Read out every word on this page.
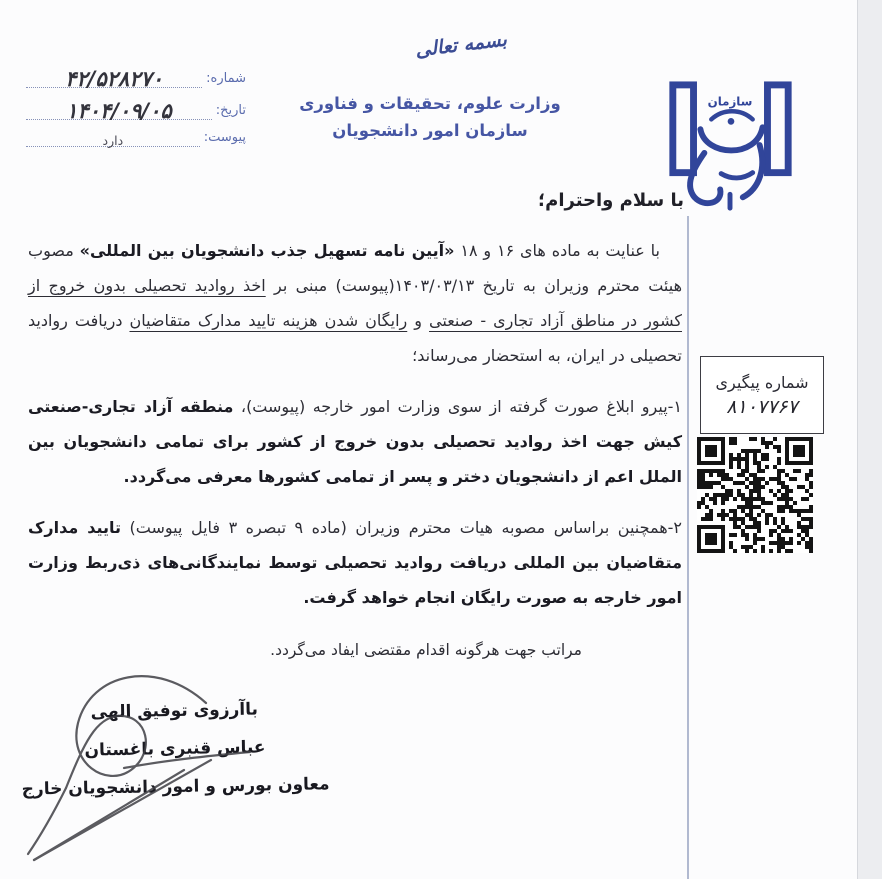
بسمه تعالی
وزارت علوم، تحقیقات و فناوری
سازمان امور دانشجویان
شماره:
۴۲/۵۲۸۲۷۰
تاریخ:
۱۴۰۴/۰۹/۰۵
پیوست:
دارد
سازمان
با سلام واحترام؛

با عنایت به ماده های ۱۶ و ۱۸ «آیین نامه تسهیل جذب دانشجویان بین المللی» مصوب هیئت محترم وزیران به تاریخ ۱۴۰۳/۰۳/۱۳(پیوست) مبنی بر اخذ روادید تحصیلی بدون خروج از کشور در مناطق آزاد تجاری - صنعتی و رایگان شدن هزینه تایید مدارک متقاضیان دریافت روادید تحصیلی در ایران، به استحضار می‌رساند؛

۱-پیرو ابلاغ صورت گرفته از سوی وزارت امور خارجه (پیوست)، منطقه آزاد تجاری-صنعتی کیش جهت اخذ روادید تحصیلی بدون خروج از کشور برای تمامی دانشجویان بین الملل اعم از دانشجویان دختر و پسر از تمامی کشورها معرفی می‌گردد.

۲-همچنین براساس مصوبه هیات محترم وزیران (ماده ۹ تبصره ۳ فایل پیوست) تایید مدارک متقاضیان بین المللی دریافت روادید تحصیلی توسط نمایندگانی‌های ذی‌ربط وزارت امور خارجه به صورت رایگان انجام خواهد گرفت.

مراتب جهت هرگونه اقدام مقتضی ایفاد می‌گردد.

شماره پیگیری
۸۱۰۷۷۶۷
باآرزوی توفیق الهی
عباس قنبری باغستان
معاون بورس و امور دانشجویان خارج
